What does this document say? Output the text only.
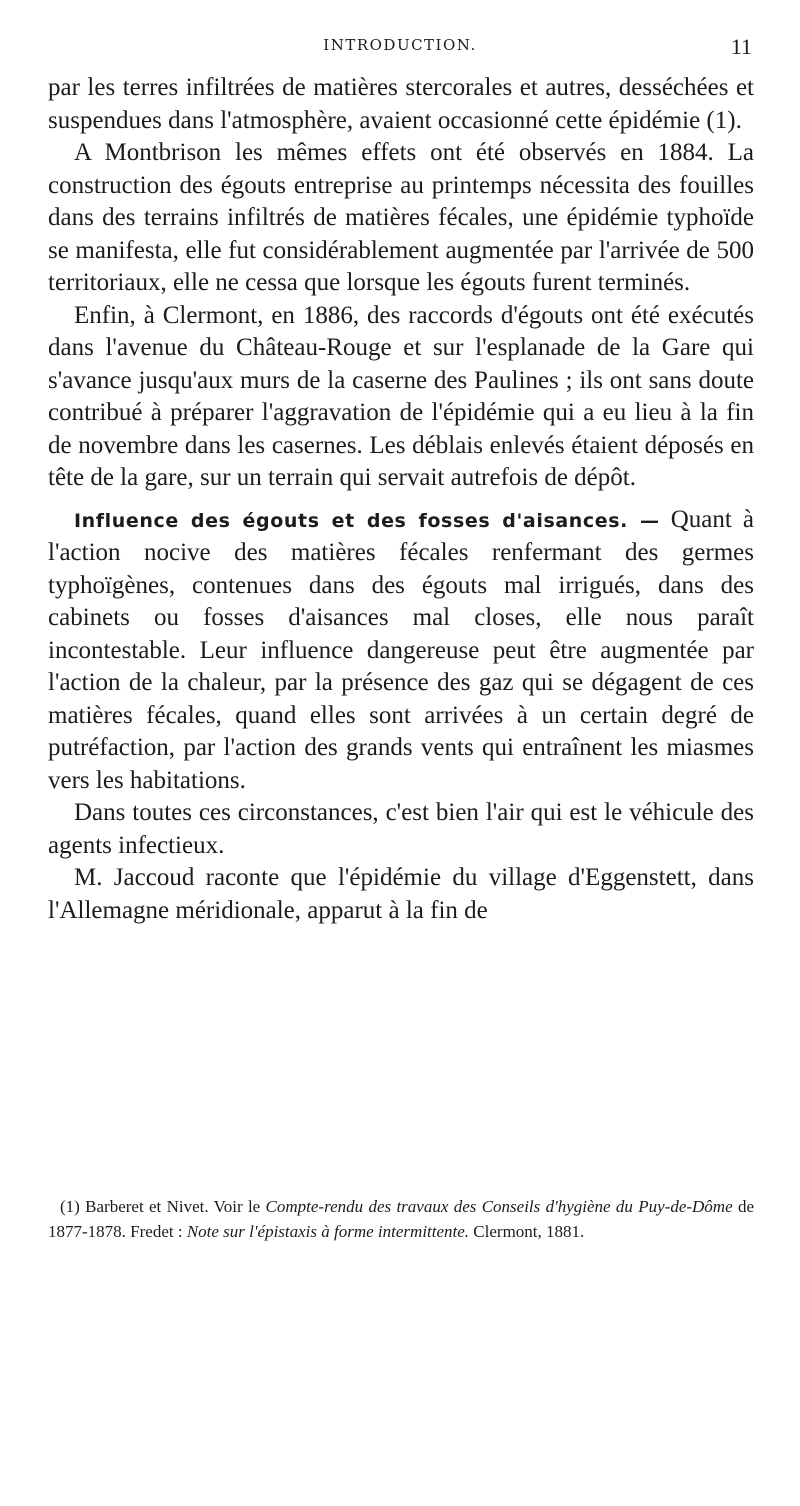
INTRODUCTION.	11

par les terres infiltrées de matières stercorales et autres, desséchées et suspendues dans l'atmosphère, avaient occasionné cette épidémie (1).

A Montbrison les mêmes effets ont été observés en 1884. La construction des égouts entreprise au printemps nécessita des fouilles dans des terrains infiltrés de matières fécales, une épidémie typhoïde se manifesta, elle fut considérablement augmentée par l'arrivée de 500 territoriaux, elle ne cessa que lorsque les égouts furent terminés.

Enfin, à Clermont, en 1886, des raccords d'égouts ont été exécutés dans l'avenue du Château-Rouge et sur l'esplanade de la Gare qui s'avance jusqu'aux murs de la caserne des Paulines ; ils ont sans doute contribué à préparer l'aggravation de l'épidémie qui a eu lieu à la fin de novembre dans les casernes. Les déblais enlevés étaient déposés en tête de la gare, sur un terrain qui servait autrefois de dépôt.

Influence des égouts et des fosses d'aisances. — Quant à l'action nocive des matières fécales renfermant des germes typhoïgènes, contenues dans des égouts mal irrigués, dans des cabinets ou fosses d'aisances mal closes, elle nous paraît incontestable. Leur influence dangereuse peut être augmentée par l'action de la chaleur, par la présence des gaz qui se dégagent de ces matières fécales, quand elles sont arrivées à un certain degré de putréfaction, par l'action des grands vents qui entraînent les miasmes vers les habitations.

Dans toutes ces circonstances, c'est bien l'air qui est le véhicule des agents infectieux.

M. Jaccoud raconte que l'épidémie du village d'Eggenstett, dans l'Allemagne méridionale, apparut à la fin de

(1) Barberet et Nivet. Voir le Compte-rendu des travaux des Conseils d'hygiène du Puy-de-Dôme de 1877-1878. Fredet : Note sur l'épistaxis à forme intermittente. Clermont, 1881.
